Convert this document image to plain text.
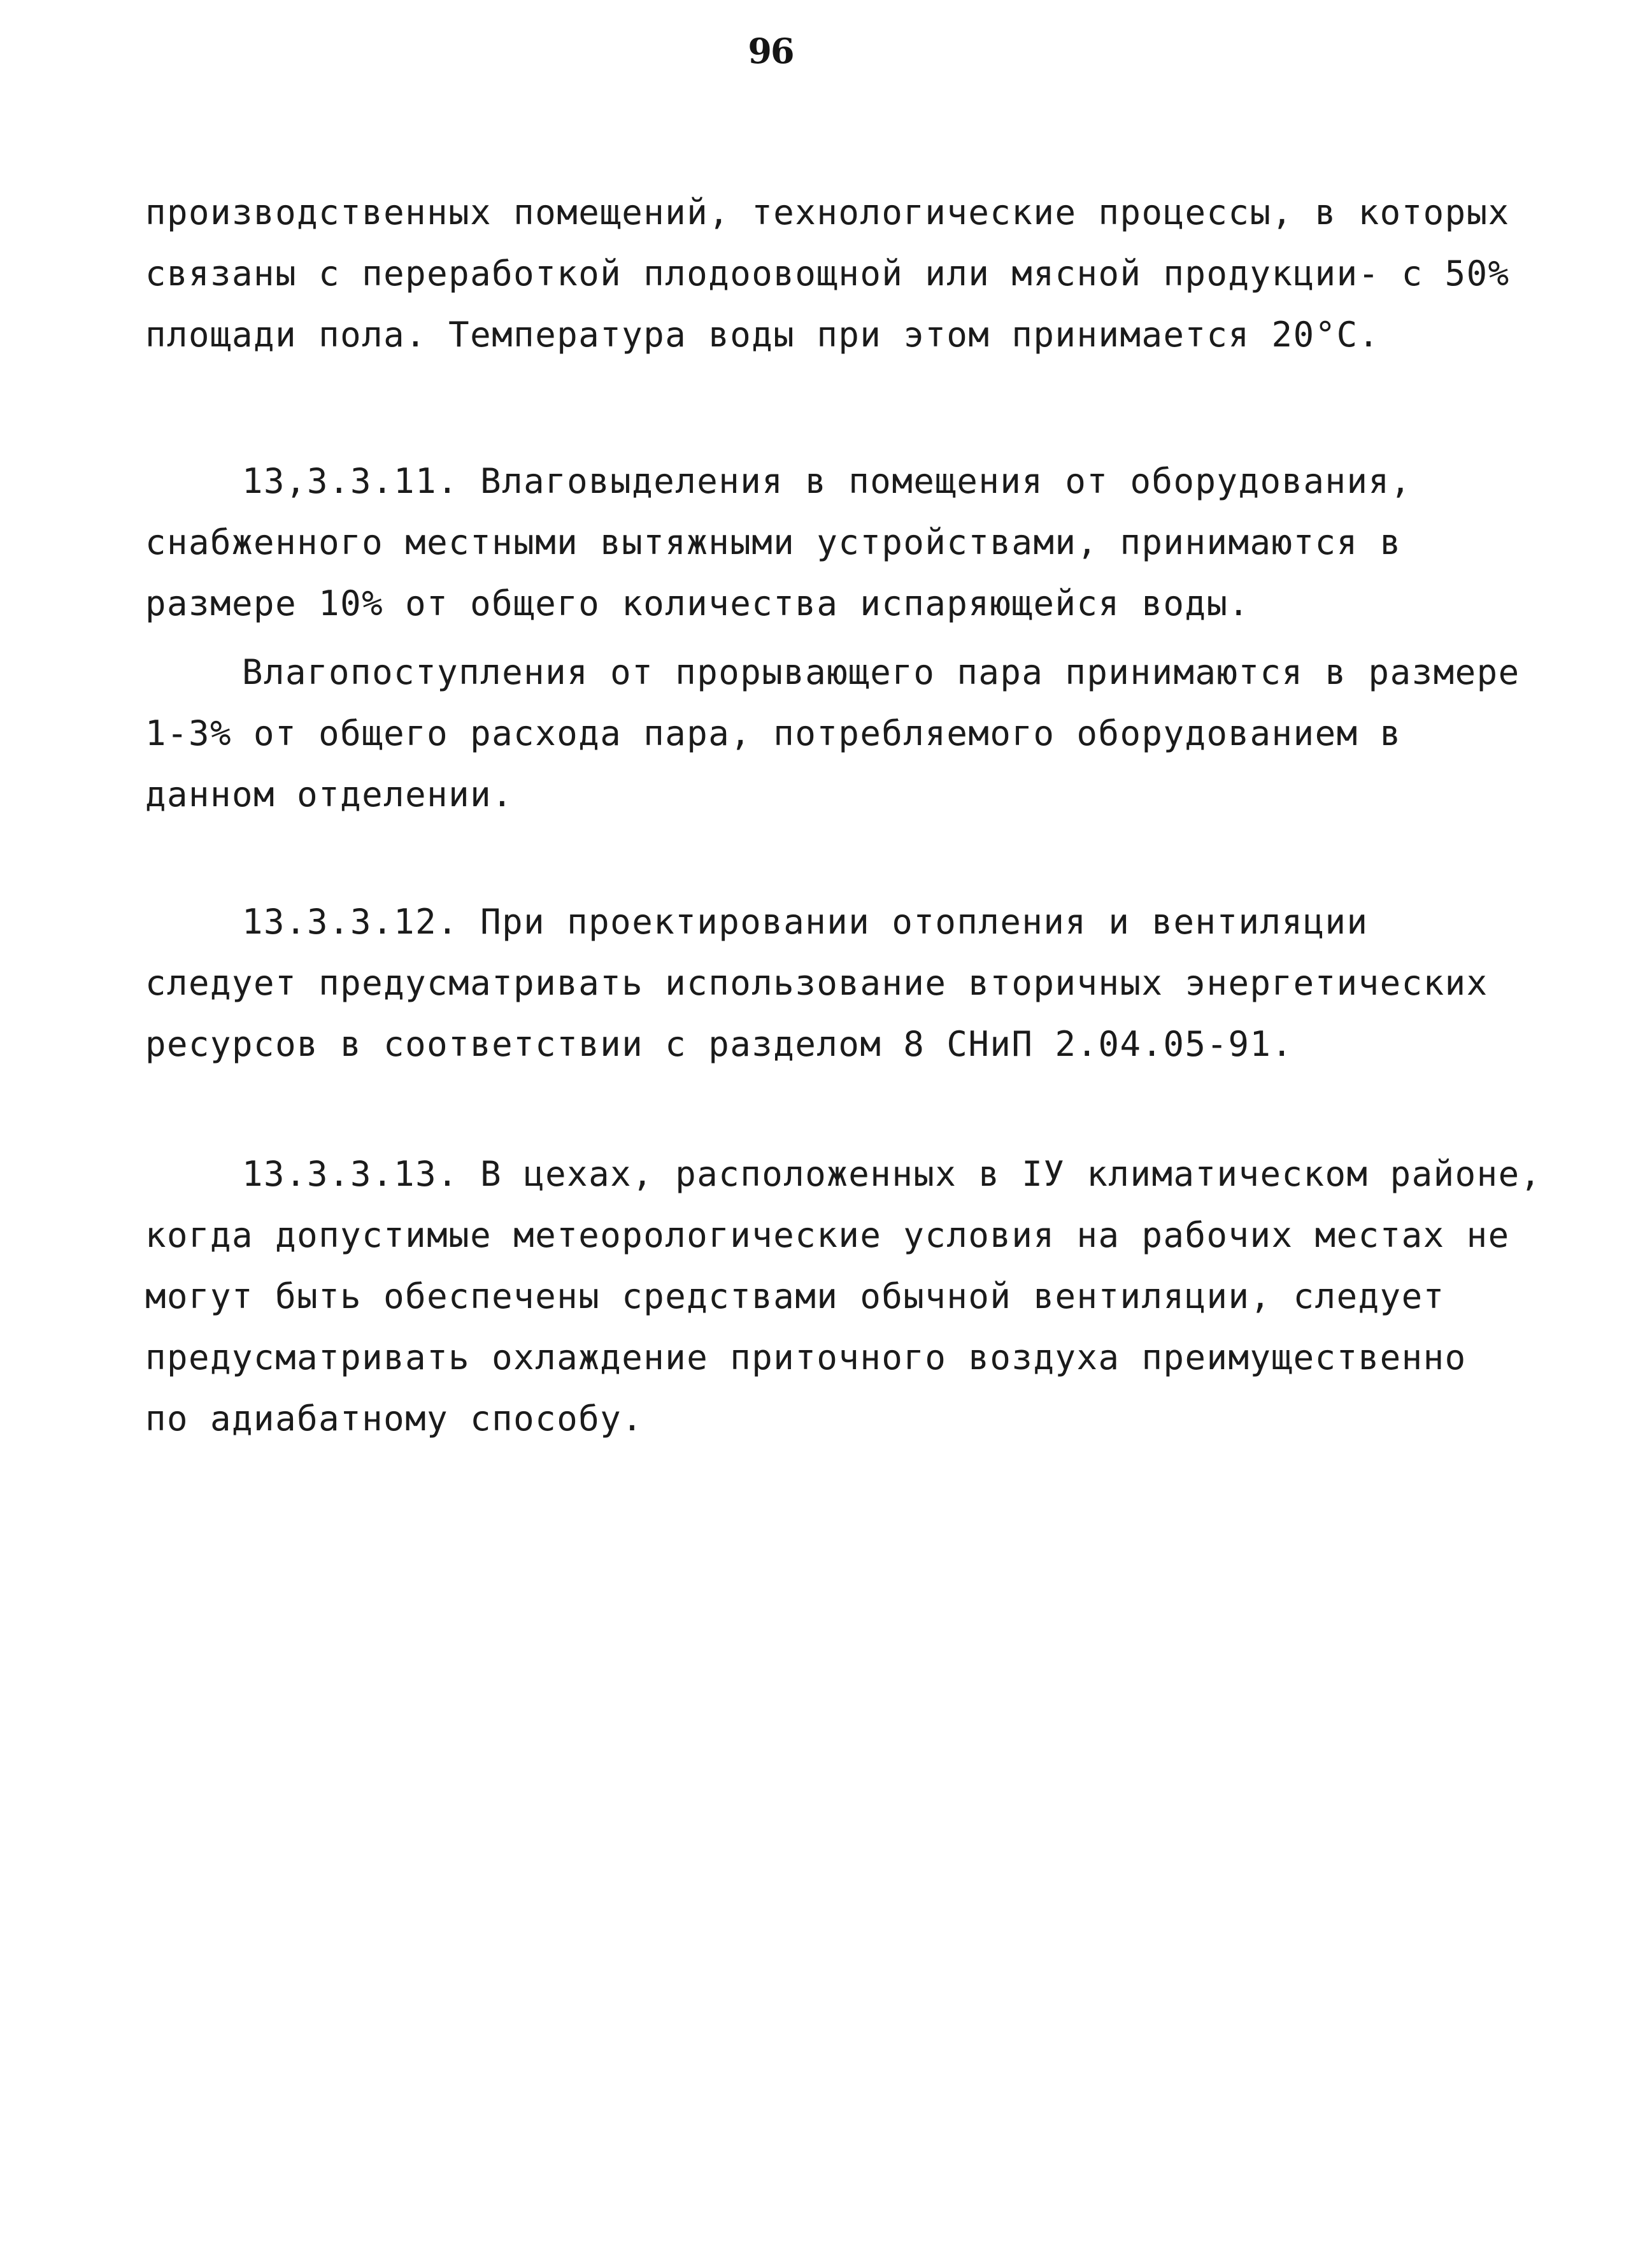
96
производственных помещений, технологические процессы, в которых
связаны с переработкой плодоовощной или мясной продукции- с 50%
площади пола. Температура воды при этом принимается 20°С.
13,3.3.11. Влаговыделения в помещения от оборудования,
снабженного местными вытяжными устройствами, принимаются в
размере 10% от общего количества испаряющейся воды.
Влагопоступления от прорывающего пара принимаются в размере
1-3% от общего расхода пара, потребляемого оборудованием в
данном отделении.
13.3.3.12. При проектировании отопления и вентиляции
следует предусматривать использование вторичных энергетических
ресурсов в соответствии с разделом 8 СНиП 2.04.05-91.
13.3.3.13. В цехах, расположенных в IУ климатическом районе,
когда допустимые метеорологические условия на рабочих местах не
могут быть обеспечены средствами обычной вентиляции, следует
предусматривать охлаждение приточного воздуха преимущественно
по адиабатному способу.
